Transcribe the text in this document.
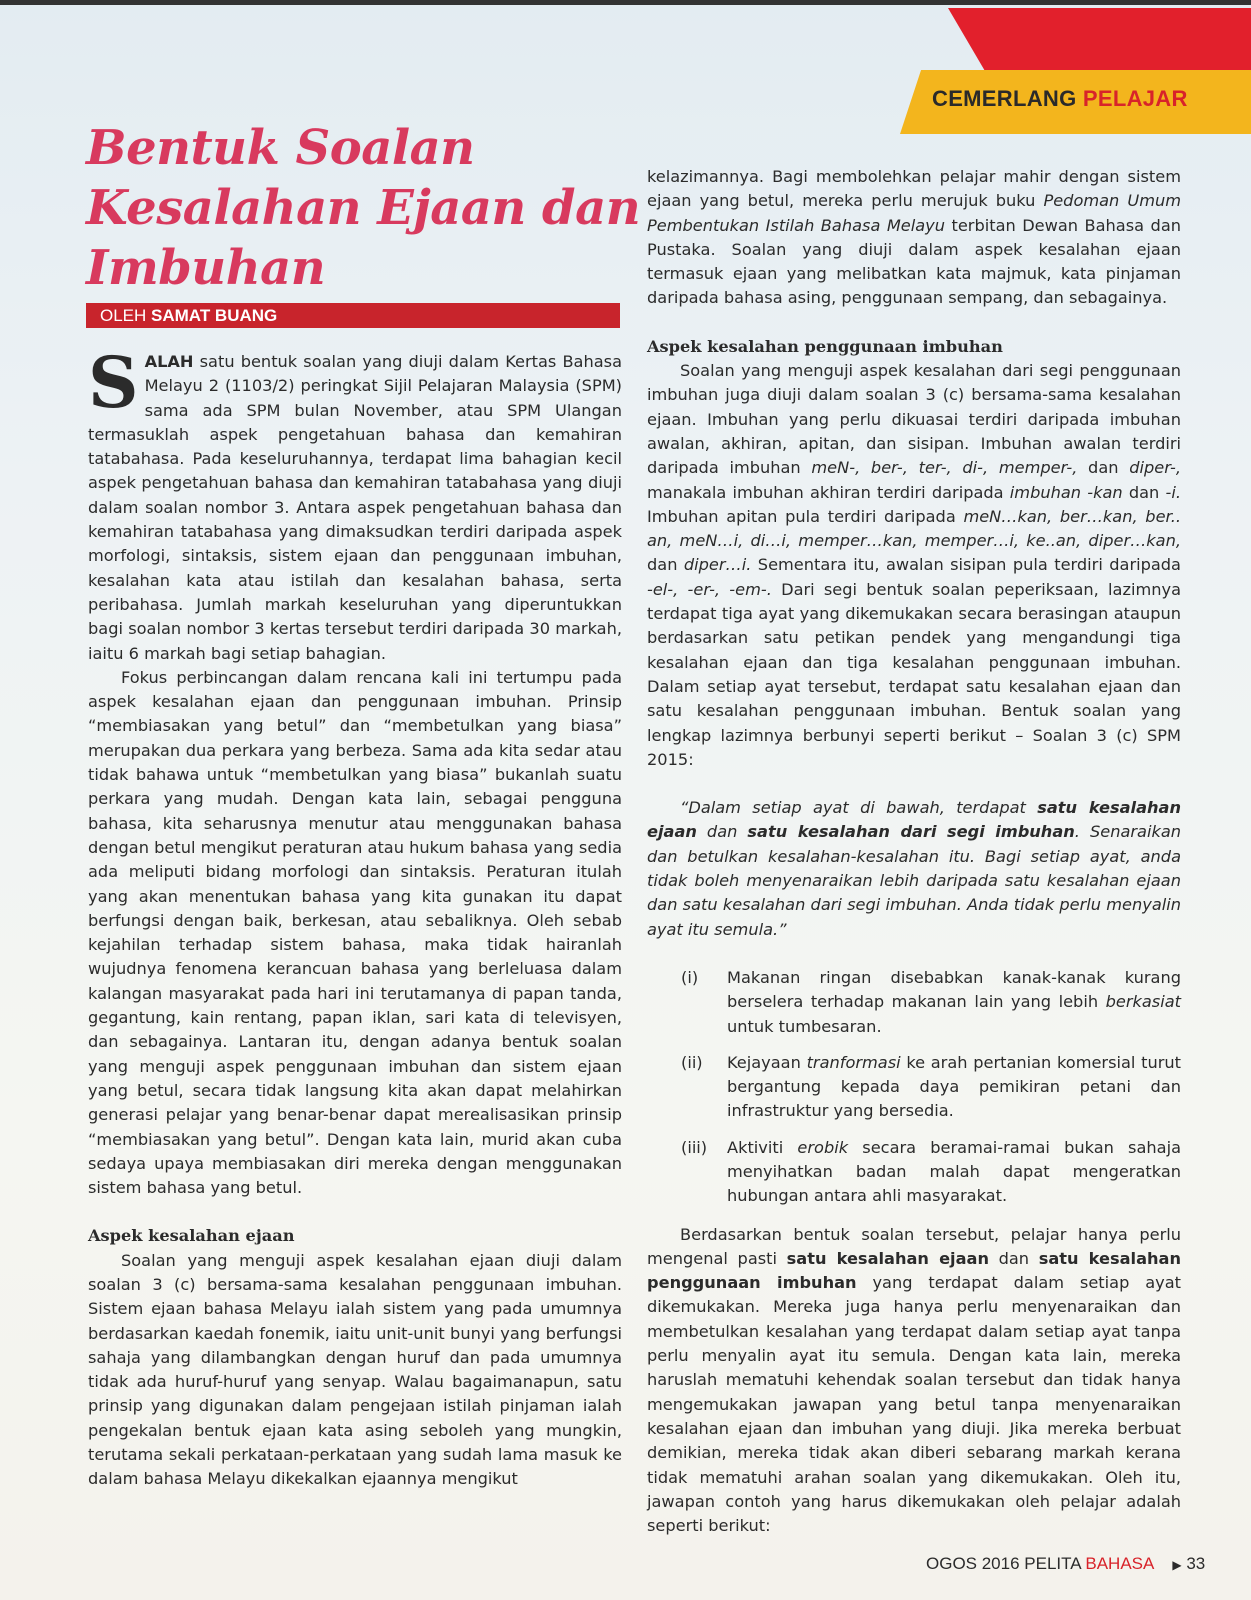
CEMERLANG PELAJAR
Bentuk Soalan Kesalahan Ejaan dan Imbuhan
OLEH SAMAT BUANG

SALAH satu bentuk soalan yang diuji dalam Kertas Bahasa Melayu 2 (1103/2) peringkat Sijil Pelajaran Malaysia (SPM) sama ada SPM bulan November, atau SPM Ulangan termasuklah aspek pengetahuan bahasa dan kemahiran tatabahasa. Pada keseluruhannya, terdapat lima bahagian kecil aspek pengetahuan bahasa dan kemahiran tatabahasa yang diuji dalam soalan nombor 3. Antara aspek pengetahuan bahasa dan kemahiran tatabahasa yang dimaksudkan terdiri daripada aspek morfologi, sintaksis, sistem ejaan dan penggunaan imbuhan, kesalahan kata atau istilah dan kesalahan bahasa, serta peribahasa. Jumlah markah keseluruhan yang diperuntukkan bagi soalan nombor 3 kertas tersebut terdiri daripada 30 markah, iaitu 6 markah bagi setiap bahagian.

Fokus perbincangan dalam rencana kali ini tertumpu pada aspek kesalahan ejaan dan penggunaan imbuhan. Prinsip “membiasakan yang betul” dan “membetulkan yang biasa” merupakan dua perkara yang berbeza. Sama ada kita sedar atau tidak bahawa untuk “membetulkan yang biasa” bukanlah suatu perkara yang mudah. Dengan kata lain, sebagai pengguna bahasa, kita seharusnya menutur atau menggunakan bahasa dengan betul mengikut peraturan atau hukum bahasa yang sedia ada meliputi bidang morfologi dan sintaksis. Peraturan itulah yang akan menentukan bahasa yang kita gunakan itu dapat berfungsi dengan baik, berkesan, atau sebaliknya. Oleh sebab kejahilan terhadap sistem bahasa, maka tidak hairanlah wujudnya fenomena kerancuan bahasa yang berleluasa dalam kalangan masyarakat pada hari ini terutamanya di papan tanda, gegantung, kain rentang, papan iklan, sari kata di televisyen, dan sebagainya. Lantaran itu, dengan adanya bentuk soalan yang menguji aspek penggunaan imbuhan dan sistem ejaan yang betul, secara tidak langsung kita akan dapat melahirkan generasi pelajar yang benar-benar dapat merealisasikan prinsip “membiasakan yang betul”. Dengan kata lain, murid akan cuba sedaya upaya membiasakan diri mereka dengan menggunakan sistem bahasa yang betul.

Aspek kesalahan ejaan

Soalan yang menguji aspek kesalahan ejaan diuji dalam soalan 3 (c) bersama-sama kesalahan penggunaan imbuhan. Sistem ejaan bahasa Melayu ialah sistem yang pada umumnya berdasarkan kaedah fonemik, iaitu unit-unit bunyi yang berfungsi sahaja yang dilambangkan dengan huruf dan pada umumnya tidak ada huruf-huruf yang senyap. Walau bagaimanapun, satu prinsip yang digunakan dalam pengejaan istilah pinjaman ialah pengekalan bentuk ejaan kata asing seboleh yang mungkin, terutama sekali perkataan-perkataan yang sudah lama masuk ke dalam bahasa Melayu dikekalkan ejaannya mengikut

kelazimannya. Bagi membolehkan pelajar mahir dengan sistem ejaan yang betul, mereka perlu merujuk buku Pedoman Umum Pembentukan Istilah Bahasa Melayu terbitan Dewan Bahasa dan Pustaka. Soalan yang diuji dalam aspek kesalahan ejaan termasuk ejaan yang melibatkan kata majmuk, kata pinjaman daripada bahasa asing, penggunaan sempang, dan sebagainya.

Aspek kesalahan penggunaan imbuhan

Soalan yang menguji aspek kesalahan dari segi penggunaan imbuhan juga diuji dalam soalan 3 (c) bersama-sama kesalahan ejaan. Imbuhan yang perlu dikuasai terdiri daripada imbuhan awalan, akhiran, apitan, dan sisipan. Imbuhan awalan terdiri daripada imbuhan meN-, ber-, ter-, di-, memper-, dan diper-, manakala imbuhan akhiran terdiri daripada imbuhan -kan dan -i. Imbuhan apitan pula terdiri daripada meN…kan, ber…kan, ber.. an, meN…i, di…i, memper…kan, memper…i, ke..an, diper…kan, dan diper…i. Sementara itu, awalan sisipan pula terdiri daripada -el-, -er-, -em-. Dari segi bentuk soalan peperiksaan, lazimnya terdapat tiga ayat yang dikemukakan secara berasingan ataupun berdasarkan satu petikan pendek yang mengandungi tiga kesalahan ejaan dan tiga kesalahan penggunaan imbuhan. Dalam setiap ayat tersebut, terdapat satu kesalahan ejaan dan satu kesalahan penggunaan imbuhan. Bentuk soalan yang lengkap lazimnya berbunyi seperti berikut – Soalan 3 (c) SPM 2015:

“Dalam setiap ayat di bawah, terdapat satu kesalahan ejaan dan satu kesalahan dari segi imbuhan. Senaraikan dan betulkan kesalahan-kesalahan itu. Bagi setiap ayat, anda tidak boleh menyenaraikan lebih daripada satu kesalahan ejaan dan satu kesalahan dari segi imbuhan. Anda tidak perlu menyalin ayat itu semula.”

(i)	Makanan ringan disebabkan kanak-kanak kurang berselera terhadap makanan lain yang lebih berkasiat untuk tumbesaran.
(ii)	Kejayaan tranformasi ke arah pertanian komersial turut bergantung kepada daya pemikiran petani dan infrastruktur yang bersedia.
(iii)	Aktiviti erobik secara beramai-ramai bukan sahaja menyihatkan badan malah dapat mengeratkan hubungan antara ahli masyarakat.

Berdasarkan bentuk soalan tersebut, pelajar hanya perlu mengenal pasti satu kesalahan ejaan dan satu kesalahan penggunaan imbuhan yang terdapat dalam setiap ayat dikemukakan. Mereka juga hanya perlu menyenaraikan dan membetulkan kesalahan yang terdapat dalam setiap ayat tanpa perlu menyalin ayat itu semula. Dengan kata lain, mereka haruslah mematuhi kehendak soalan tersebut dan tidak hanya mengemukakan jawapan yang betul tanpa menyenaraikan kesalahan ejaan dan imbuhan yang diuji. Jika mereka berbuat demikian, mereka tidak akan diberi sebarang markah kerana tidak mematuhi arahan soalan yang dikemukakan. Oleh itu, jawapan contoh yang harus dikemukakan oleh pelajar adalah seperti berikut:

OGOS 2016 PELITA BAHASA ▶ 33
